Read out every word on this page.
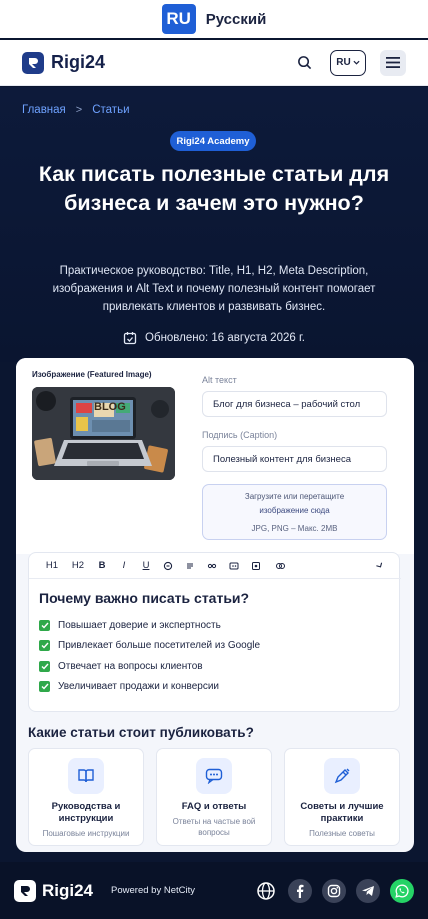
RU Русский
Rigi24	RU
Главная > Статьи
Rigi24 Academy
Как писать полезные статьи для бизнеса и зачем это нужно?
Практическое руководство: Title, H1, H2, Meta Description, изображения и Alt Text и почему полезный контент помогает привлекать клиентов и развивать бизнес.
Обновлено: 16 августа 2026 г.
Изображение (Featured Image)
BLOG
Alt текст
Блог для бизнеса – рабочий стол
Подпись (Caption)
Полезный контент для бизнеса
Загрузите или перетащите
изображение сюда
JPG, PNG – Макс. 2MB
H1	H2	B	I	U
Почему важно писать статьи?
Повышает доверие и экспертность
Привлекает больше посетителей из Google
Отвечает на вопросы клиентов
Увеличивает продажи и конверсии
Какие статьи стоит публиковать?
Руководства и инструкции
Пошаговые инструкции
FAQ и ответы
Ответы на частые вой вопросы
Советы и лучшие практики
Полезные советы
Rigi24 Powered by NetCity
